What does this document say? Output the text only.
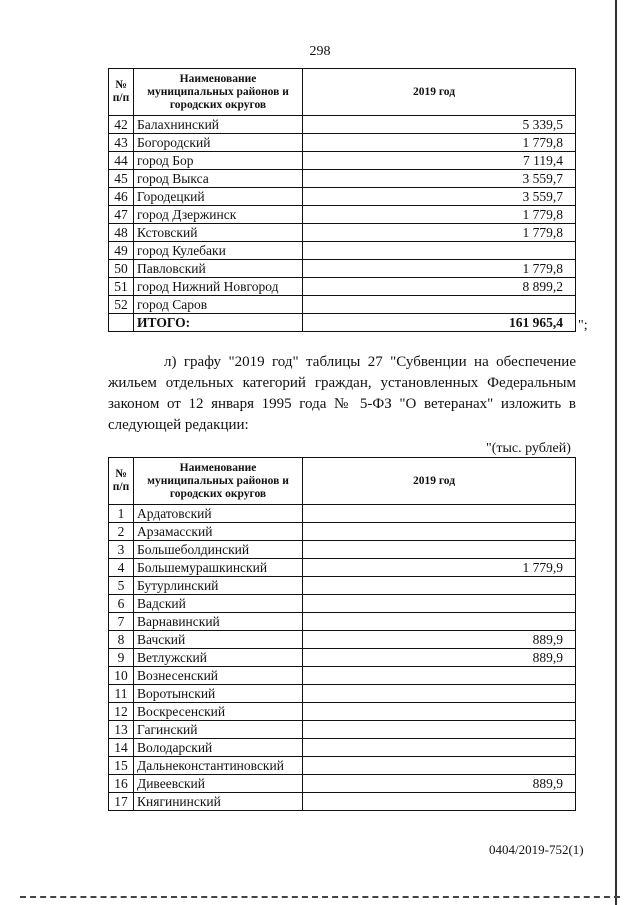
298
№ п/п	Наименование муниципальных районов и городских округов	2019 год
42	Балахнинский	5 339,5
43	Богородский	1 779,8
44	город Бор	7 119,4
45	город Выкса	3 559,7
46	Городецкий	3 559,7
47	город Дзержинск	1 779,8
48	Кстовский	1 779,8
49	город Кулебаки	
50	Павловский	1 779,8
51	город Нижний Новгород	8 899,2
52	город Саров	
	ИТОГО:	161 965,4 ";
л) графу "2019 год" таблицы 27 "Субвенции на обеспечение жильем отдельных категорий граждан, установленных Федеральным законом от 12 января 1995 года № 5-ФЗ "О ветеранах" изложить в следующей редакции:
"(тыс. рублей)
№ п/п	Наименование муниципальных районов и городских округов	2019 год
1	Ардатовский	
2	Арзамасский	
3	Большеболдинский	
4	Большемурашкинский	1 779,9
5	Бутурлинский	
6	Вадский	
7	Варнавинский	
8	Вачский	889,9
9	Ветлужский	889,9
10	Вознесенский	
11	Воротынский	
12	Воскресенский	
13	Гагинский	
14	Володарский	
15	Дальнеконстантиновский	
16	Дивеевский	889,9
17	Княгининский	
0404/2019-752(1)
